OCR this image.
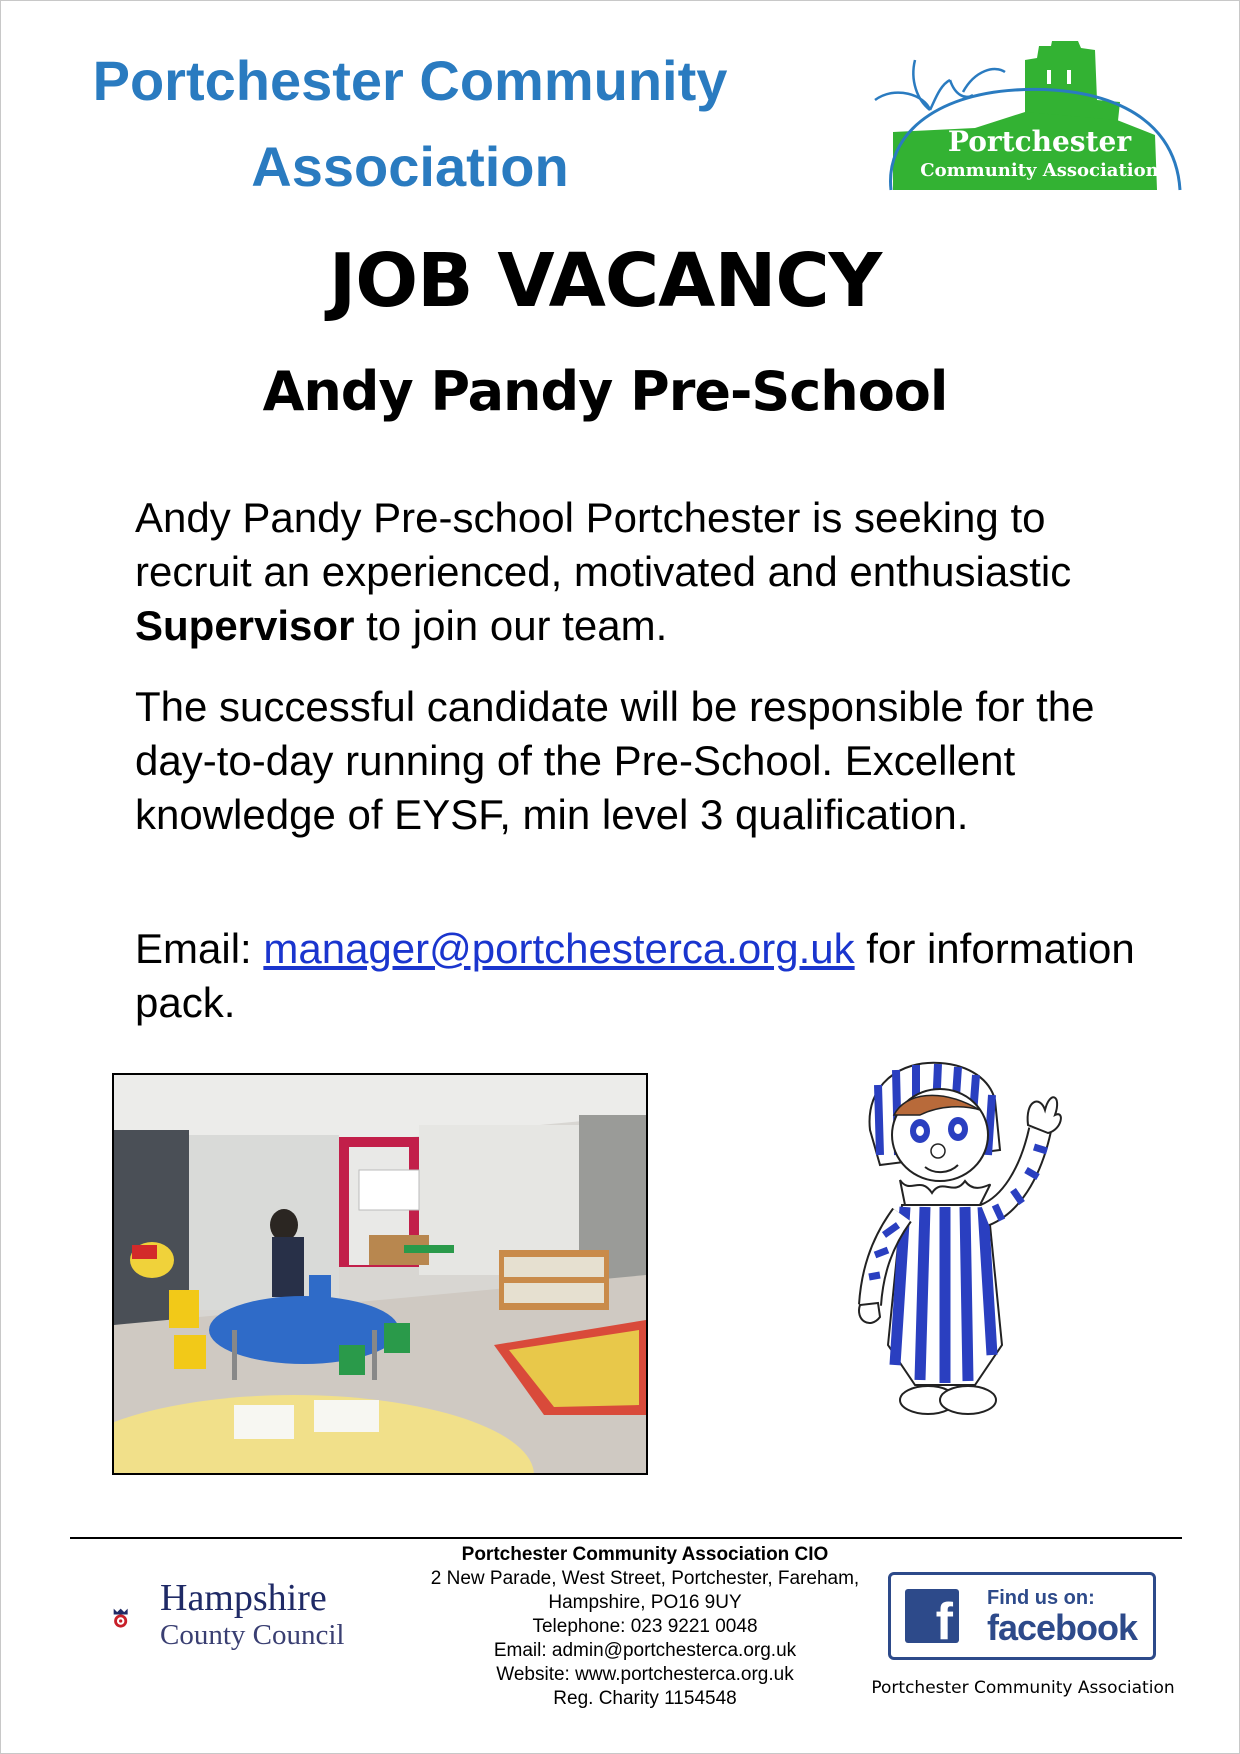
Portchester Community
Association	Portchester
Community Association
JOB VACANCY
Andy Pandy Pre-School

Andy Pandy Pre-school Portchester is seeking to recruit an experienced, motivated and enthusiastic Supervisor to join our team.

The successful candidate will be responsible for the day-to-day running of the Pre-School. Excellent knowledge of EYSF, min level 3 qualification.

Email: manager@portchesterca.org.uk for information pack.

Hampshire
County Council
Portchester Community Association CIO
2 New Parade, West Street, Portchester, Fareham,
Hampshire, PO16 9UY
Telephone: 023 9221 0048
Email: admin@portchesterca.org.uk
Website: www.portchesterca.org.uk
Reg. Charity 1154548
f	Find us on:
facebook
Portchester Community Association
